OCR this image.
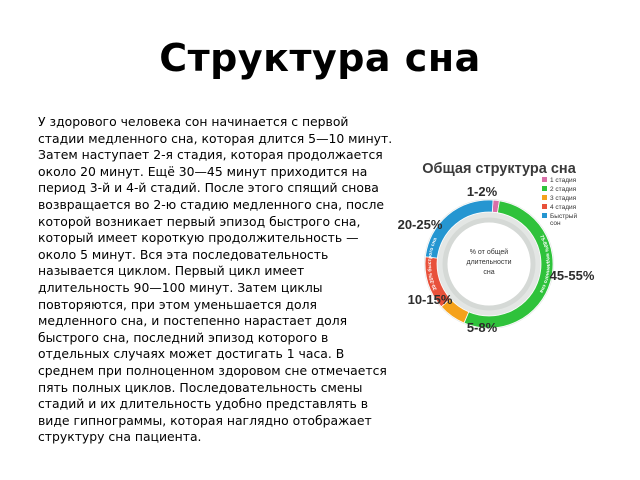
Структура сна
У здорового человека сон начинается с первой стадии медленного сна, которая длится 5—10 минут. Затем наступает 2-я стадия, которая продолжается около 20 минут. Ещё 30—45 минут приходится на период 3-й и 4-й стадий. После этого спящий снова возвращается во 2-ю стадию медленного сна, после которой возникает первый эпизод быстрого сна, который имеет короткую продолжительность — около 5 минут. Вся эта последовательность называется циклом. Первый цикл имеет длительность 90—100 минут. Затем циклы повторяются, при этом уменьшается доля медленного сна, и постепенно нарастает доля быстрого сна, последний эпизод которого в отдельных случаях может достигать 1 часа. В среднем при полноценном здоровом сне отмечается пять полных циклов. Последовательность смены стадий и их длительность удобно представлять в виде гипнограммы, которая наглядно отображает структуру сна пациента.
Общая структура сна
1-2%
45-55%
5-8%
10-15%
20-25%
75-80% медленного сна
20-25% быстрого сна
% от общей длительности сна
1 стадия
2 стадия
3 стадия
4 стадия
Быстрый сон
